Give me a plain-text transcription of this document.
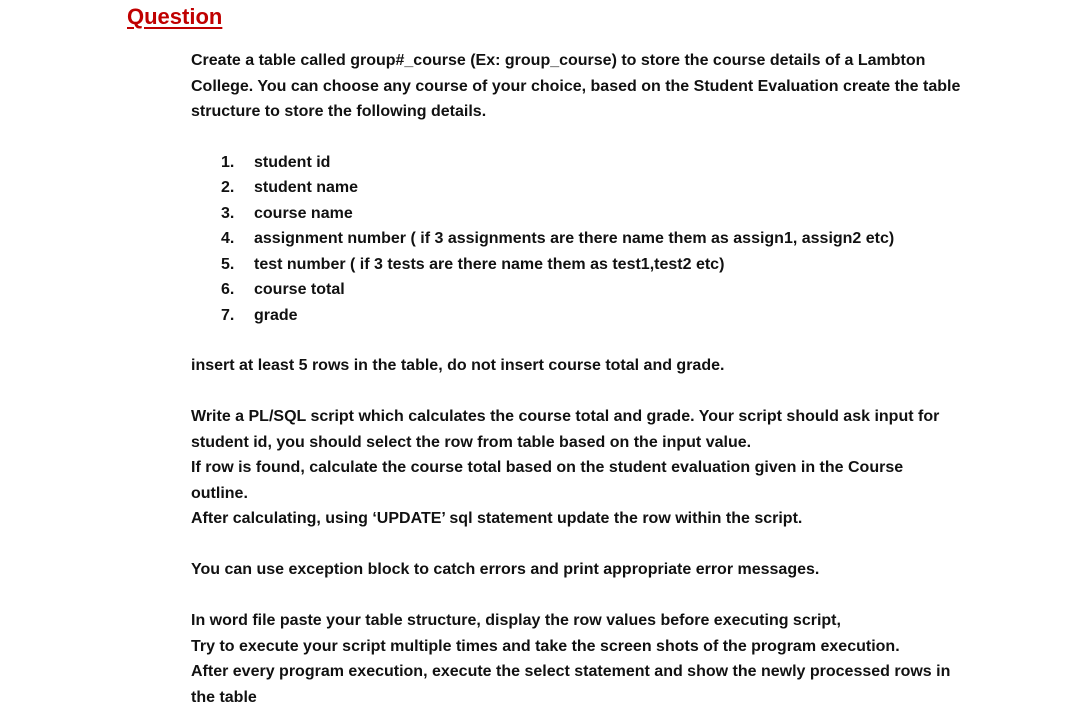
Question

Create a table called group#_course (Ex: group_course) to store the course details of a Lambton College. You can choose any course of your choice, based on the Student Evaluation create the table structure to store the following details.

1. student id
2. student name
3. course name
4. assignment number ( if 3 assignments are there name them as assign1, assign2 etc)
5. test number ( if 3 tests are there name them as test1,test2 etc)
6. course total
7. grade

insert at least 5 rows in the table, do not insert course total and grade.

Write a PL/SQL script which calculates the course total and grade. Your script should ask input for student id, you should select the row from table based on the input value.

If row is found, calculate the course total based on the student evaluation given in the Course outline.

After calculating, using ‘UPDATE’ sql statement update the row within the script.

You can use exception block to catch errors and print appropriate error messages.

In word file paste your table structure, display the row values before executing script,

Try to execute your script multiple times and take the screen shots of the program execution.

After every program execution, execute the select statement and show the newly processed rows in the table
